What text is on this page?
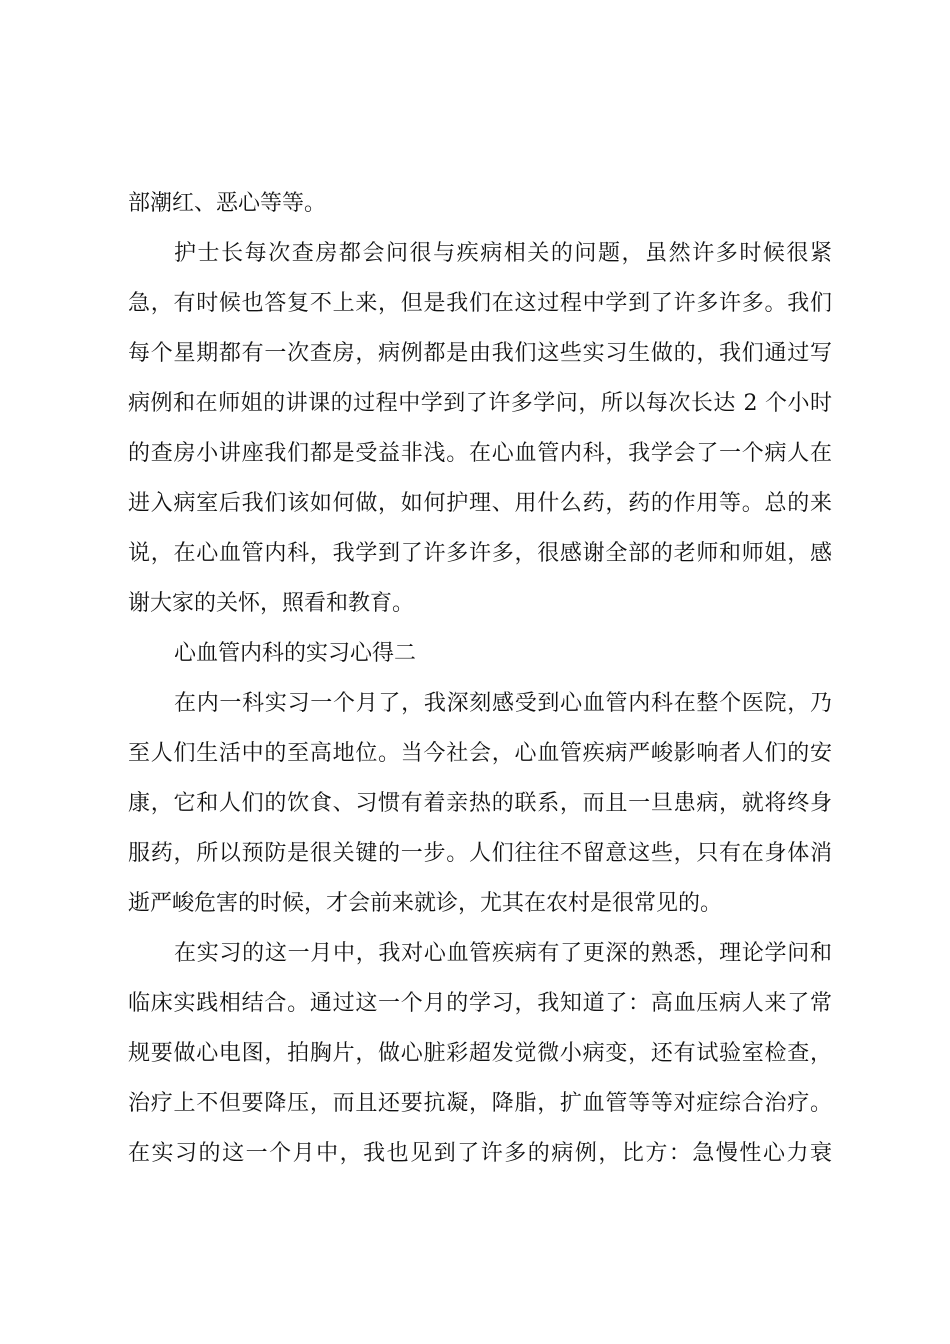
部潮红、恶心等等。
护士长每次查房都会问很与疾病相关的问题，虽然许多时候很紧
急，有时候也答复不上来，但是我们在这过程中学到了许多许多。我们
每个星期都有一次查房，病例都是由我们这些实习生做的，我们通过写
病例和在师姐的讲课的过程中学到了许多学问，所以每次长达 2 个小时
的查房小讲座我们都是受益非浅。在心血管内科，我学会了一个病人在
进入病室后我们该如何做，如何护理、用什么药，药的作用等。总的来
说，在心血管内科，我学到了许多许多，很感谢全部的老师和师姐，感
谢大家的关怀，照看和教育。
心血管内科的实习心得二
在内一科实习一个月了，我深刻感受到心血管内科在整个医院，乃
至人们生活中的至高地位。当今社会，心血管疾病严峻影响者人们的安
康，它和人们的饮食、习惯有着亲热的联系，而且一旦患病，就将终身
服药，所以预防是很关键的一步。人们往往不留意这些，只有在身体消
逝严峻危害的时候，才会前来就诊，尤其在农村是很常见的。
在实习的这一月中，我对心血管疾病有了更深的熟悉，理论学问和
临床实践相结合。通过这一个月的学习，我知道了：高血压病人来了常
规要做心电图，拍胸片，做心脏彩超发觉微小病变，还有试验室检查，
治疗上不但要降压，而且还要抗凝，降脂，扩血管等等对症综合治疗。
在实习的这一个月中，我也见到了许多的病例，比方：急慢性心力衰
